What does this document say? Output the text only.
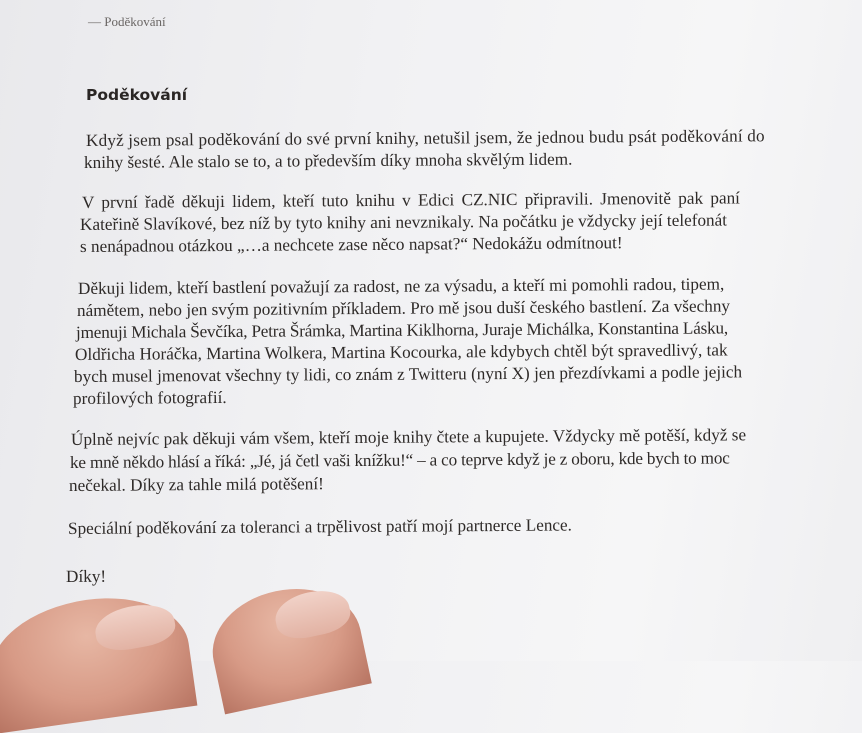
— Poděkování
Poděkování
Když jsem psal poděkování do své první knihy, netušil jsem, že jednou budu psát poděkování do
knihy šesté. Ale stalo se to, a to především díky mnoha skvělým lidem.
V první řadě děkuji lidem, kteří tuto knihu v Edici CZ.NIC připravili. Jmenovitě pak paní
Kateřině Slavíkové, bez níž by tyto knihy ani nevznikaly. Na počátku je vždycky její telefonát
s nenápadnou otázkou „…a nechcete zase něco napsat?“ Nedokážu odmítnout!
Děkuji lidem, kteří bastlení považují za radost, ne za výsadu, a kteří mi pomohli radou, tipem,
námětem, nebo jen svým pozitivním příkladem. Pro mě jsou duší českého bastlení. Za všechny
jmenuji Michala Ševčíka, Petra Šrámka, Martina Kiklhorna, Juraje Michálka, Konstantina Lásku,
Oldřicha Horáčka, Martina Wolkera, Martina Kocourka, ale kdybych chtěl být spravedlivý, tak
bych musel jmenovat všechny ty lidi, co znám z Twitteru (nyní X) jen přezdívkami a podle jejich
profilových fotografií.
Úplně nejvíc pak děkuji vám všem, kteří moje knihy čtete a kupujete. Vždycky mě potěší, když se
ke mně někdo hlásí a říká: „Jé, já četl vaši knížku!“ – a co teprve když je z oboru, kde bych to moc
nečekal. Díky za tahle milá potěšení!
Speciální poděkování za toleranci a trpělivost patří mojí partnerce Lence.
Díky!
